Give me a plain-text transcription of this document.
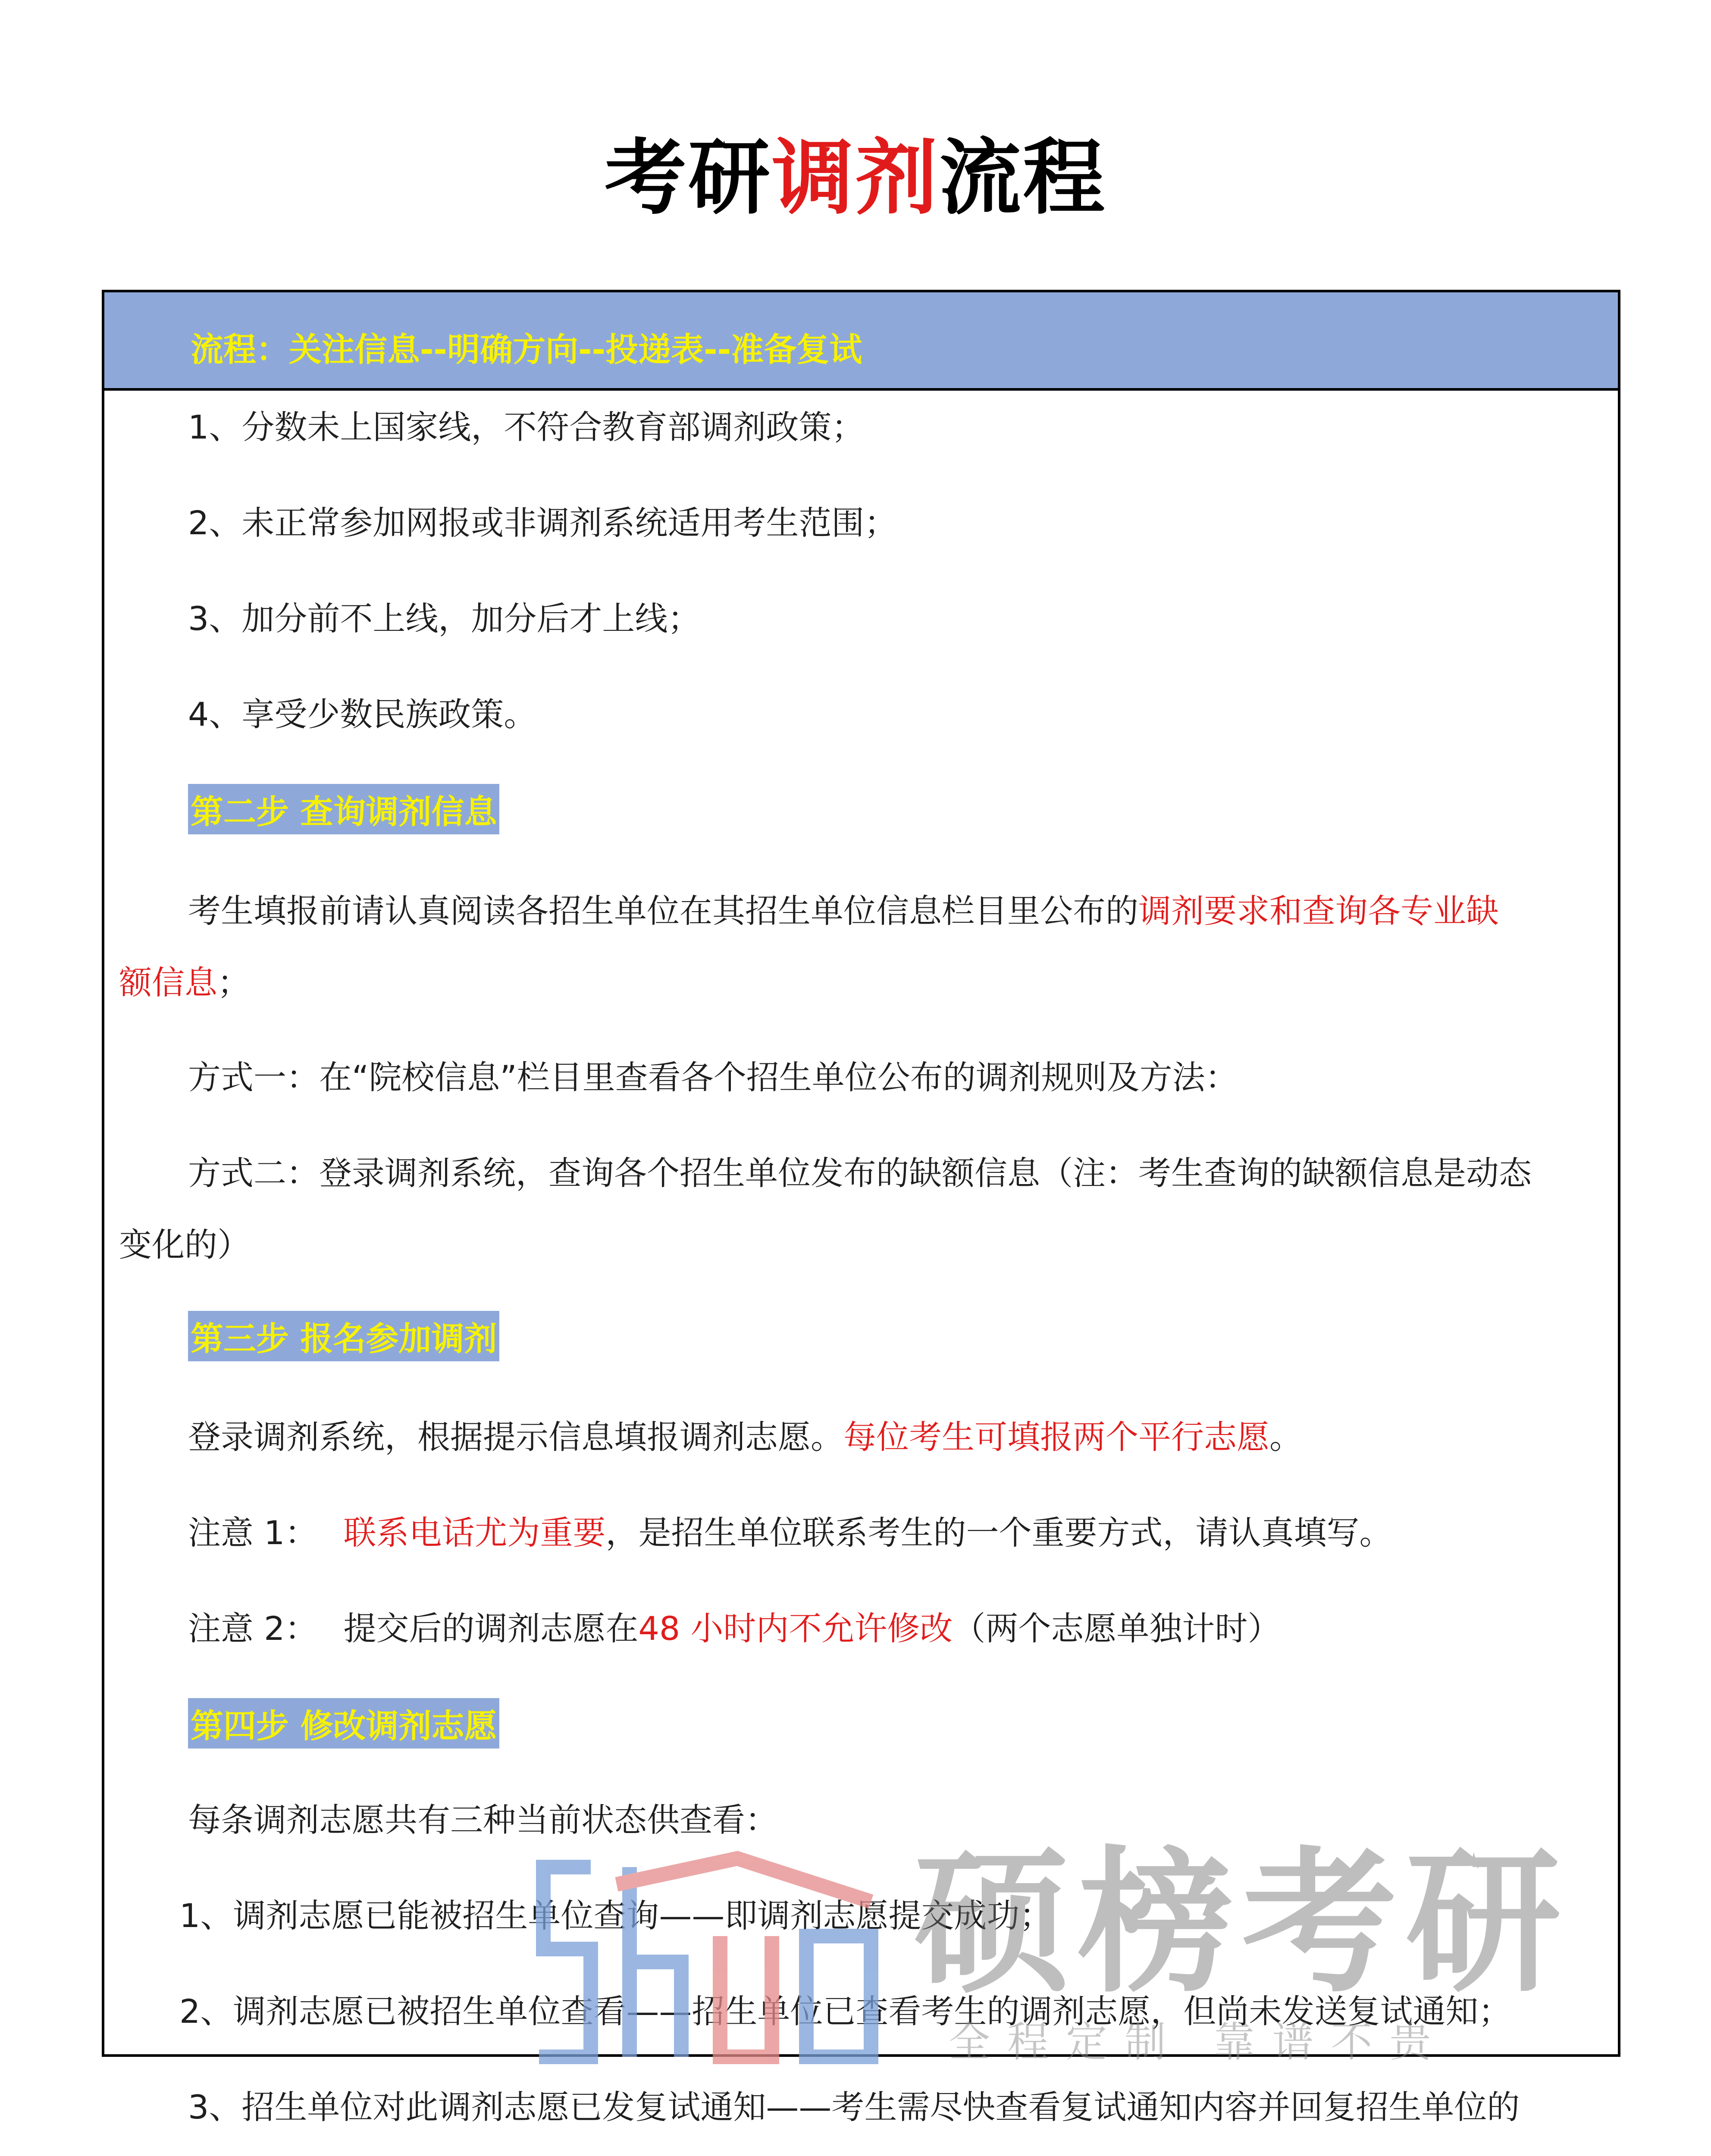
考研调剂流程
流程：关注信息--明确方向--投递表--准备复试
1、分数未上国家线，不符合教育部调剂政策；
2、未正常参加网报或非调剂系统适用考生范围；
3、加分前不上线，加分后才上线；
4、享受少数民族政策。
第二步 查询调剂信息
考生填报前请认真阅读各招生单位在其招生单位信息栏目里公布的调剂要求和查询各专业缺
额信息；
方式一：在“院校信息”栏目里查看各个招生单位公布的调剂规则及方法：
方式二：登录调剂系统，查询各个招生单位发布的缺额信息（注：考生查询的缺额信息是动态
变化的）
第三步 报名参加调剂
登录调剂系统，根据提示信息填报调剂志愿。每位考生可填报两个平行志愿。
注意 1： 联系电话尤为重要，是招生单位联系考生的一个重要方式，请认真填写。
注意 2： 提交后的调剂志愿在48 小时内不允许修改（两个志愿单独计时）
第四步 修改调剂志愿
每条调剂志愿共有三种当前状态供查看：
1、调剂志愿已能被招生单位查询——即调剂志愿提交成功；
2、调剂志愿已被招生单位查看——招生单位已查看考生的调剂志愿，但尚未发送复试通知；
3、招生单位对此调剂志愿已发复试通知——考生需尽快查看复试通知内容并回复招生单位的
硕榜考研
全程定制 靠谱不贵
